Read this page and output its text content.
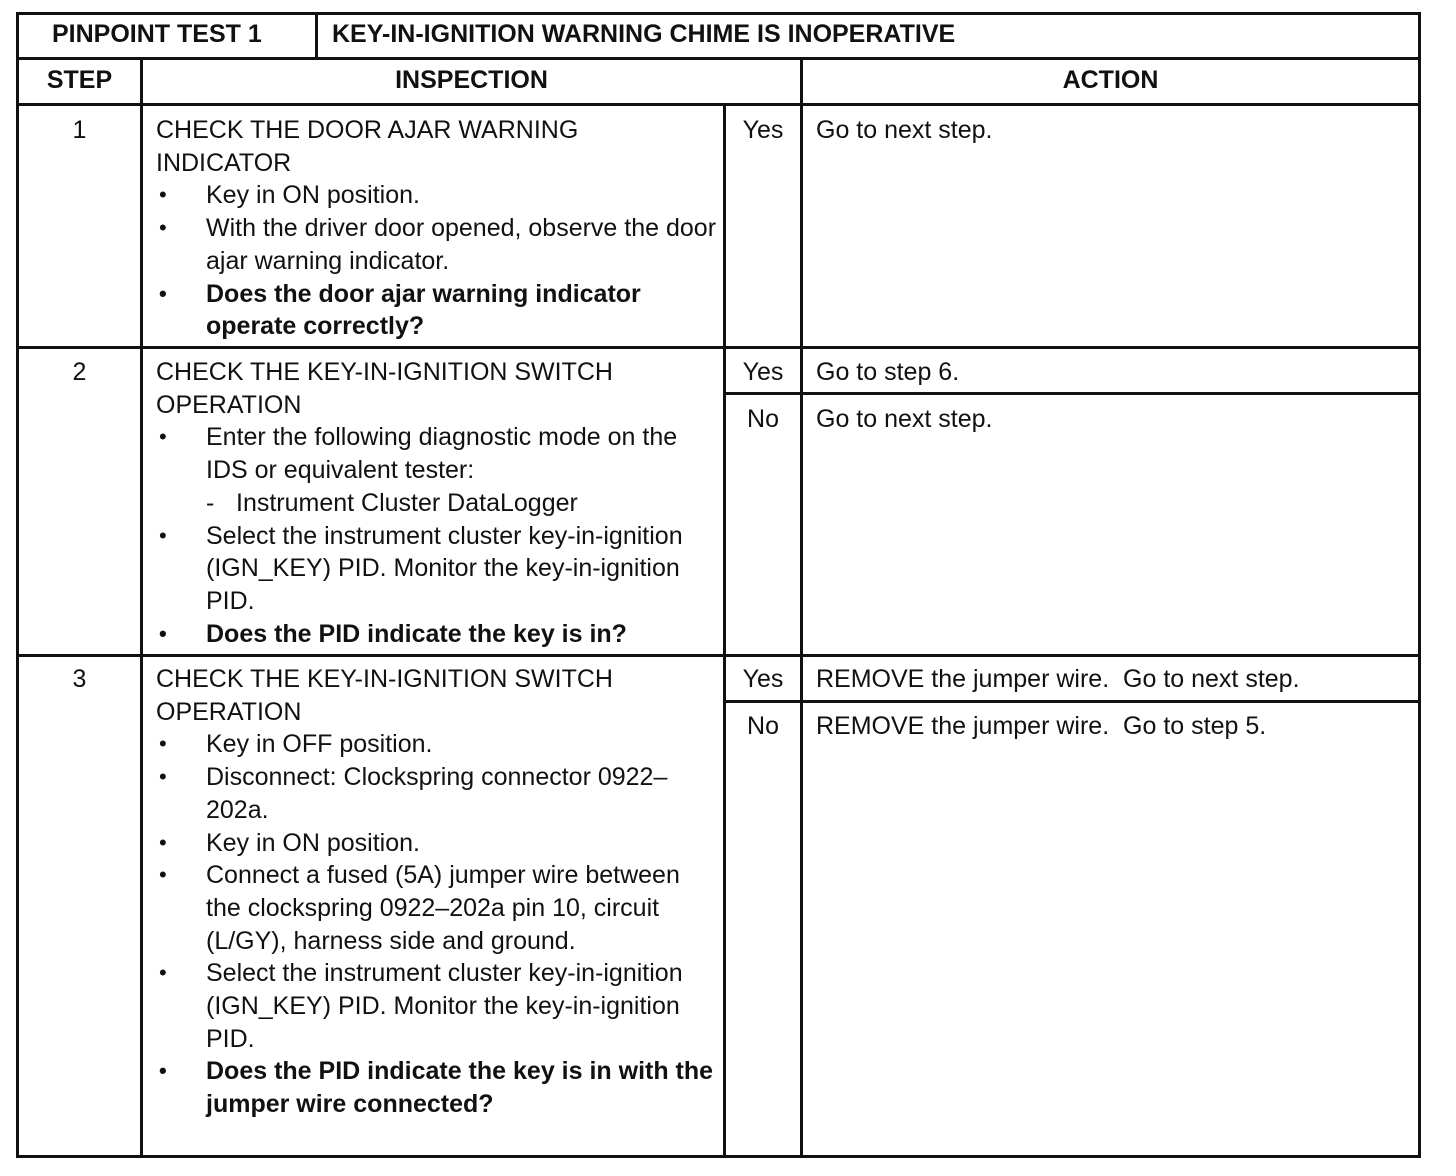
PINPOINT TEST 1	KEY-IN-IGNITION WARNING CHIME IS INOPERATIVE
STEP	INSPECTION	ACTION
1	CHECK THE DOOR AJAR WARNING
INDICATOR
• Key in ON position.
• With the driver door opened, observe the door ajar warning indicator.
• Does the door ajar warning indicator operate correctly?
Yes	Go to next step.
2	CHECK THE KEY-IN-IGNITION SWITCH
OPERATION
• Enter the following diagnostic mode on the IDS or equivalent tester:
- Instrument Cluster DataLogger
• Select the instrument cluster key-in-ignition (IGN_KEY) PID. Monitor the key-in-ignition PID.
• Does the PID indicate the key is in?
Yes	Go to step 6.
No	Go to next step.
3	CHECK THE KEY-IN-IGNITION SWITCH
OPERATION
• Key in OFF position.
• Disconnect: Clockspring connector 0922–202a.
• Key in ON position.
• Connect a fused (5A) jumper wire between the clockspring 0922–202a pin 10, circuit (L/GY), harness side and ground.
• Select the instrument cluster key-in-ignition (IGN_KEY) PID. Monitor the key-in-ignition PID.
• Does the PID indicate the key is in with the jumper wire connected?
Yes	REMOVE the jumper wire.  Go to next step.
No	REMOVE the jumper wire.  Go to step 5.
